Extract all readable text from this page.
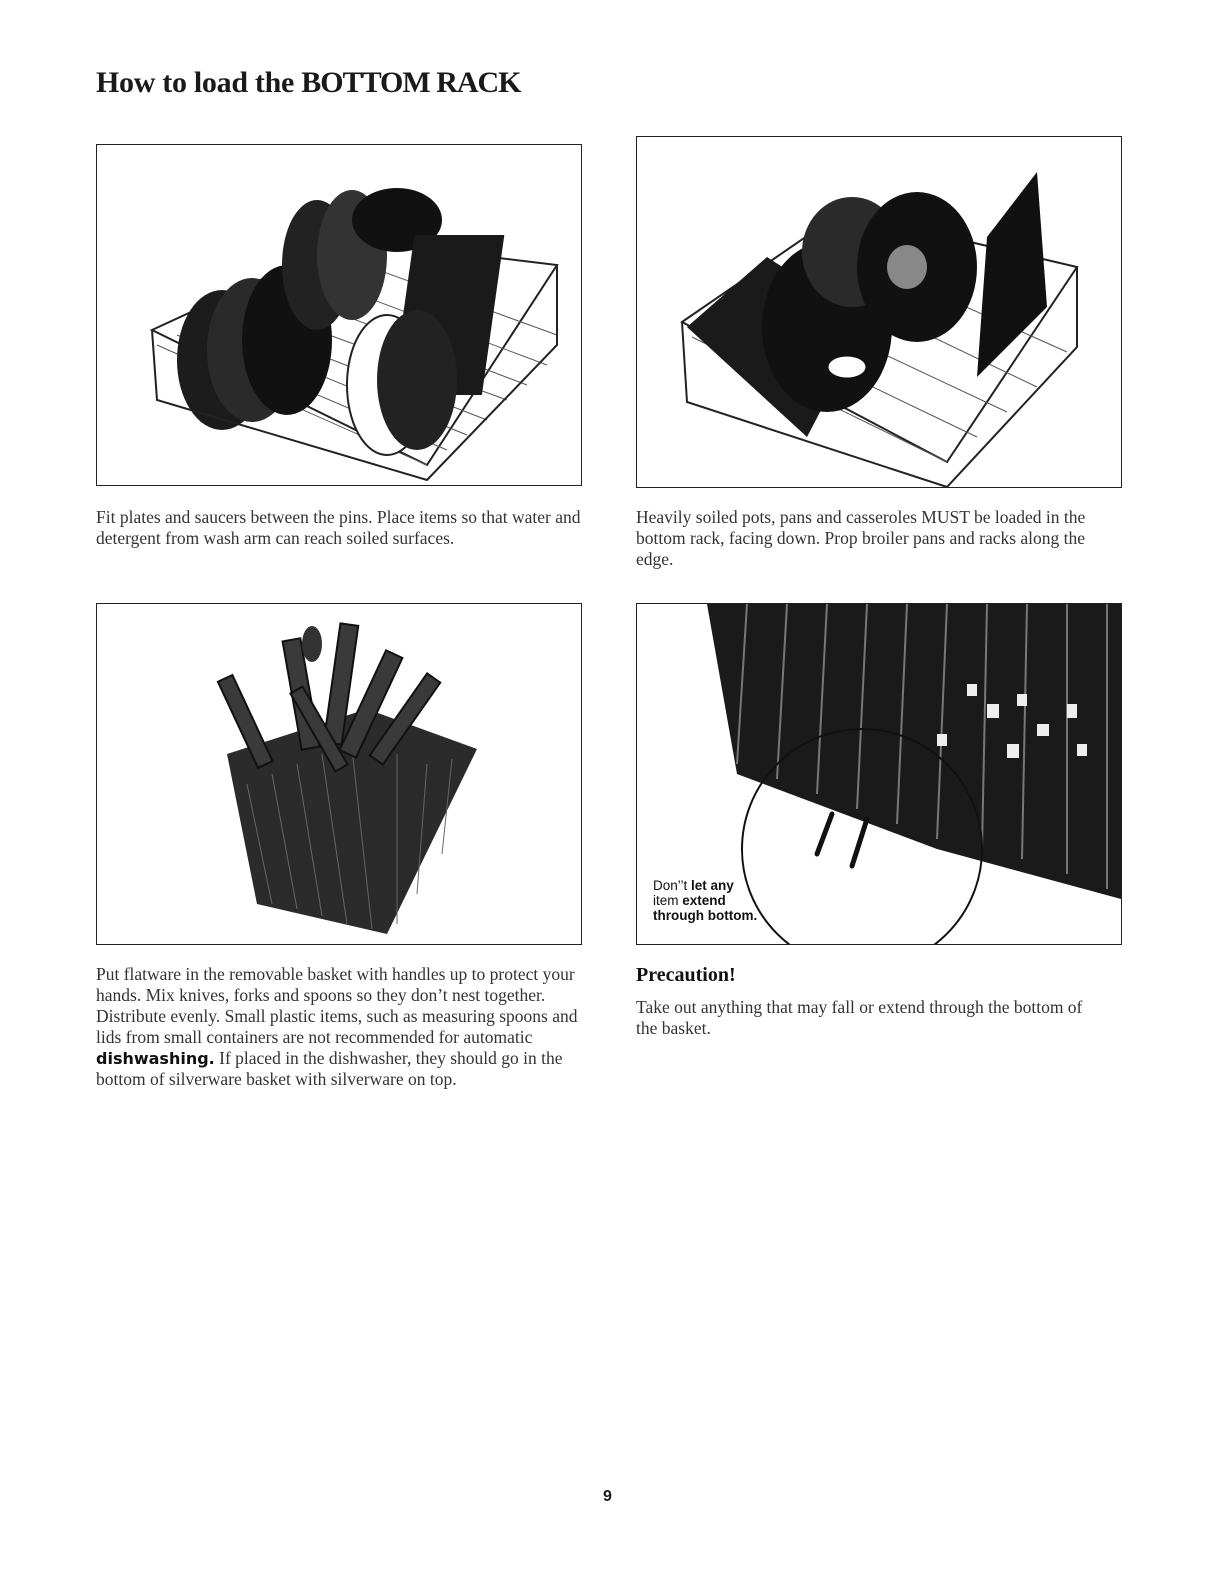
How to load the BOTTOM RACK
Fit plates and saucers between the pins. Place items so that water and detergent from wash arm can reach soiled surfaces.
Heavily soiled pots, pans and casseroles MUST be loaded in the bottom rack, facing down. Prop broiler pans and racks along the edge.
Don’’t let any
item extend
through bottom.
Put flatware in the removable basket with handles up to protect your hands. Mix knives, forks and spoons so they don’t nest together. Distribute evenly. Small plastic items, such as measuring spoons and lids from small containers are not recommended for automatic dishwashing. If placed in the dishwasher, they should go in the bottom of silverware basket with silverware on top.
Precaution!
Take out anything that may fall or extend through the bottom of the basket.
9
